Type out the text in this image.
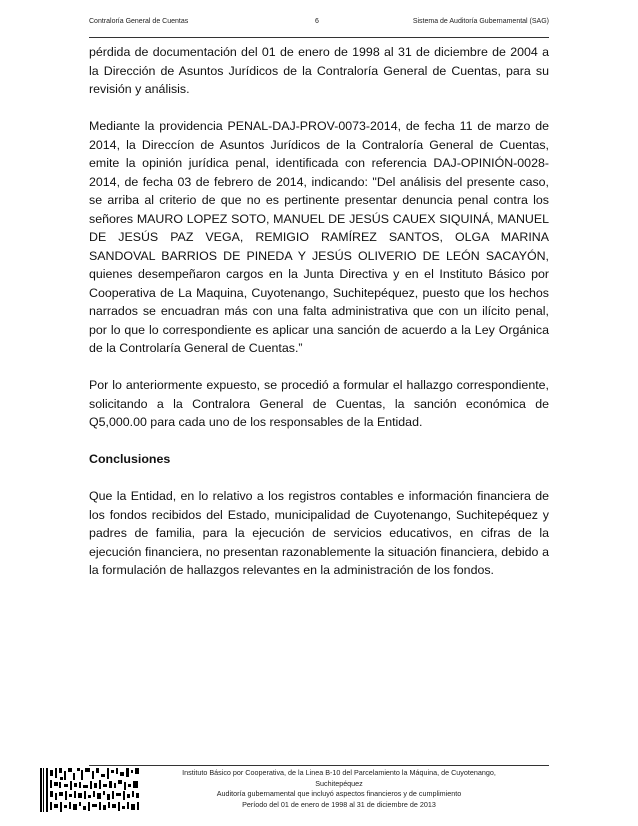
Contraloría General de Cuentas	6	Sistema de Auditoría Gubernamental (SAG)

pérdida de documentación del 01 de enero de 1998 al 31 de diciembre de 2004 a la Dirección de Asuntos Jurídicos de la Contraloría General de Cuentas, para su revisión y análisis.

Mediante la providencia PENAL-DAJ-PROV-0073-2014, de fecha 11 de marzo de 2014, la Direccíon de Asuntos Jurídicos de la Contraloría General de Cuentas, emite la opinión jurídica penal, identificada con referencia DAJ-OPINIÓN-0028-2014, de fecha 03 de febrero de 2014, indicando: "Del análisis del presente caso, se arriba al criterio de que no es pertinente presentar denuncia penal contra los señores MAURO LOPEZ SOTO, MANUEL DE JESÚS CAUEX SIQUINÁ, MANUEL DE JESÚS PAZ VEGA, REMIGIO RAMÍREZ SANTOS, OLGA MARINA SANDOVAL BARRIOS DE PINEDA Y JESÚS OLIVERIO DE LEÓN SACAYÓN, quienes desempeñaron cargos en la Junta Directiva y en el Instituto Básico por Cooperativa de La Maquina, Cuyotenango, Suchitepéquez, puesto que los hechos narrados se encuadran más con una falta administrativa que con un ilícito penal, por lo que lo correspondiente es aplicar una sanción de acuerdo a la Ley Orgánica de la Controlaría General de Cuentas.”

Por lo anteriormente expuesto, se procedió a formular el hallazgo correspondiente, solicitando a la Contralora General de Cuentas, la sanción económica de Q5,000.00 para cada uno de los responsables de la Entidad.

Conclusiones

Que la Entidad, en lo relativo a los registros contables e información financiera de los fondos recibidos del Estado, municipalidad de Cuyotenango, Suchitepéquez y padres de familia, para la ejecución de servicios educativos, en cifras de la ejecución financiera, no presentan razonablemente la situación financiera, debido a la formulación de hallazgos relevantes en la administración de los fondos.

Instituto Básico por Cooperativa, de la Linea B-10 del Parcelamiento la Máquina, de Cuyotenango,
Suchitepéquez
Auditoría gubernamental que incluyó aspectos financieros y de cumplimiento
Período del 01 de enero de 1998 al 31 de diciembre de 2013
